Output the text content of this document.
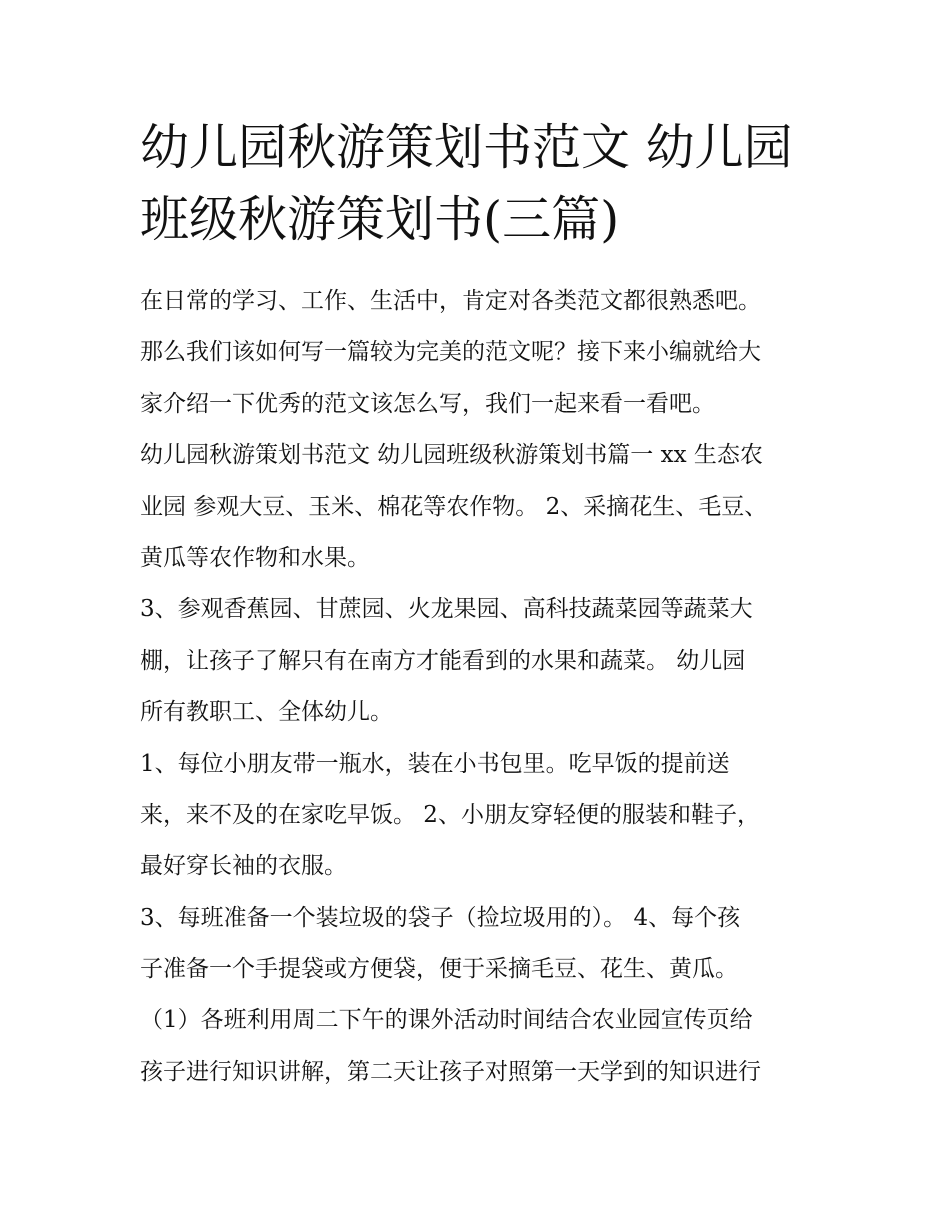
幼儿园秋游策划书范文 幼儿园
班级秋游策划书(三篇)
在日常的学习、工作、生活中，肯定对各类范文都很熟悉吧。
那么我们该如何写一篇较为完美的范文呢？接下来小编就给大
家介绍一下优秀的范文该怎么写，我们一起来看一看吧。
幼儿园秋游策划书范文 幼儿园班级秋游策划书篇一 xx 生态农
业园 参观大豆、玉米、棉花等农作物。 2、采摘花生、毛豆、
黄瓜等农作物和水果。
3、参观香蕉园、甘蔗园、火龙果园、高科技蔬菜园等蔬菜大
棚，让孩子了解只有在南方才能看到的水果和蔬菜。 幼儿园
所有教职工、全体幼儿。
1、每位小朋友带一瓶水，装在小书包里。吃早饭的提前送
来，来不及的在家吃早饭。 2、小朋友穿轻便的服装和鞋子，
最好穿长袖的衣服。
3、每班准备一个装垃圾的袋子（捡垃圾用的）。 4、每个孩
子准备一个手提袋或方便袋，便于采摘毛豆、花生、黄瓜。
（1）各班利用周二下午的课外活动时间结合农业园宣传页给
孩子进行知识讲解，第二天让孩子对照第一天学到的知识进行
